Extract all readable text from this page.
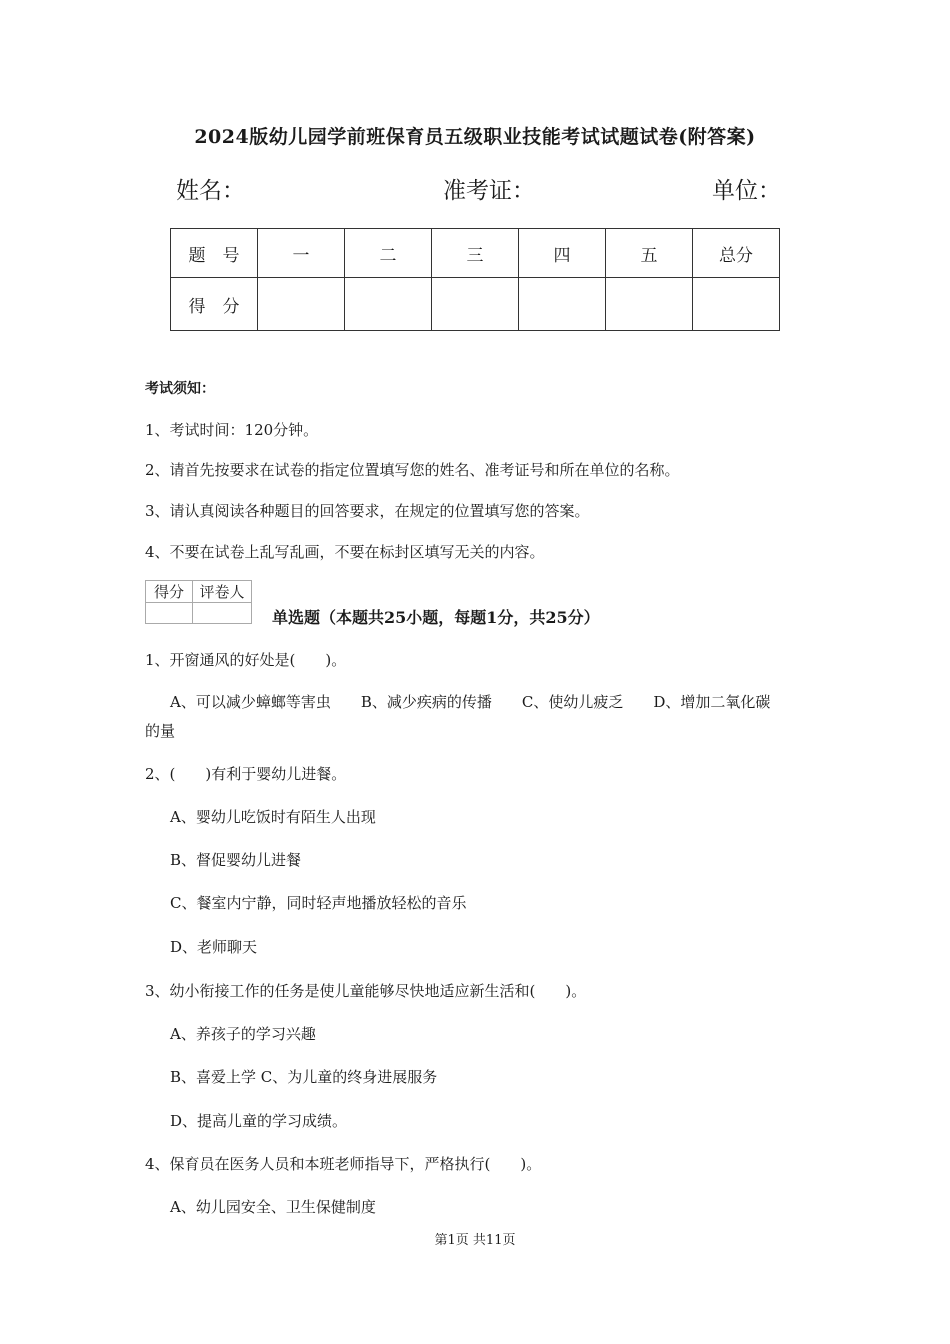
2024版幼儿园学前班保育员五级职业技能考试试题试卷(附答案)
姓名：	准考证：	单位：
题　号	一	二	三	四	五	总分
得　分						
考试须知：
1、考试时间：120分钟。
2、请首先按要求在试卷的指定位置填写您的姓名、准考证号和所在单位的名称。
3、请认真阅读各种题目的回答要求，在规定的位置填写您的答案。
4、不要在试卷上乱写乱画，不要在标封区填写无关的内容。
得分	评卷人

单选题（本题共25小题，每题1分，共25分）
1、开窗通风的好处是(　　)。
A、可以减少蟑螂等害虫　　B、减少疾病的传播　　C、使幼儿疲乏　　D、增加二氧化碳
的量
2、(　　)有利于婴幼儿进餐。
A、婴幼儿吃饭时有陌生人出现
B、督促婴幼儿进餐
C、餐室内宁静，同时轻声地播放轻松的音乐
D、老师聊天
3、幼小衔接工作的任务是使儿童能够尽快地适应新生活和(　　)。
A、养孩子的学习兴趣
B、喜爱上学 C、为儿童的终身进展服务
D、提高儿童的学习成绩。
4、保育员在医务人员和本班老师指导下，严格执行(　　)。
A、幼儿园安全、卫生保健制度
第1页 共11页
